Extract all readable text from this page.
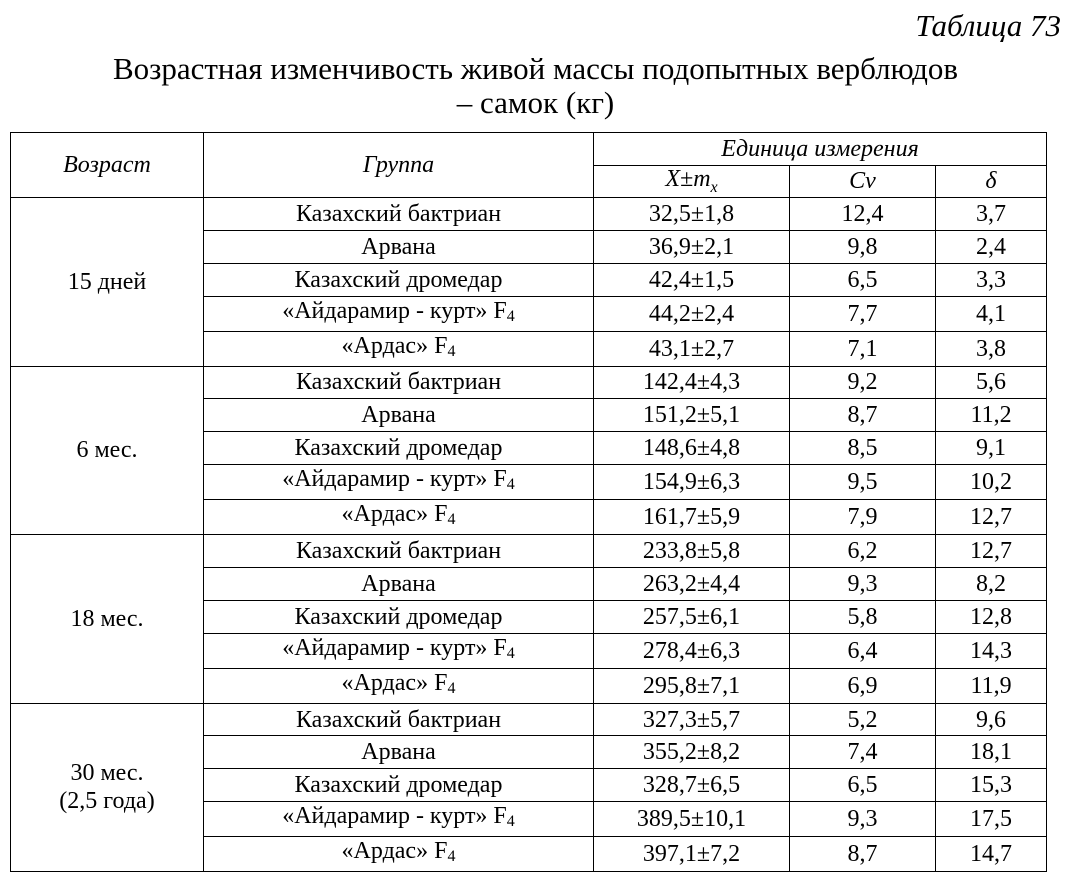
Таблица 73
Возрастная изменчивость живой массы подопытных верблюдов
– самок (кг)
Возраст	Группа	Единица измерения		
		$X\pm m_x$	Cv	δ

15 дней	Казахский бактриан	32,5±1,8	12,4	3,7
	Арвана	36,9±2,1	9,8	2,4
	Казахский дромедар	42,4±1,5	6,5	3,3
	«Айдарамир - курт» $F_4$	44,2±2,4	7,7	4,1
	«Ардас» $F_4$	43,1±2,7	7,1	3,8

6 мес.	Казахский бактриан	142,4±4,3	9,2	5,6
	Арвана	151,2±5,1	8,7	11,2
	Казахский дромедар	148,6±4,8	8,5	9,1
	«Айдарамир - курт» $F_4$	154,9±6,3	9,5	10,2
	«Ардас» $F_4$	161,7±5,9	7,9	12,7

18 мес.	Казахский бактриан	233,8±5,8	6,2	12,7
	Арвана	263,2±4,4	9,3	8,2
	Казахский дромедар	257,5±6,1	5,8	12,8
	«Айдарамир - курт» $F_4$	278,4±6,3	6,4	14,3
	«Ардас» $F_4$	295,8±7,1	6,9	11,9

30 мес.
(2,5 года)	Казахский бактриан	327,3±5,7	5,2	9,6
	Арвана	355,2±8,2	7,4	18,1
	Казахский дромедар	328,7±6,5	6,5	15,3
	«Айдарамир - курт» $F_4$	389,5±10,1	9,3	17,5
	«Ардас» $F_4$	397,1±7,2	8,7	14,7
